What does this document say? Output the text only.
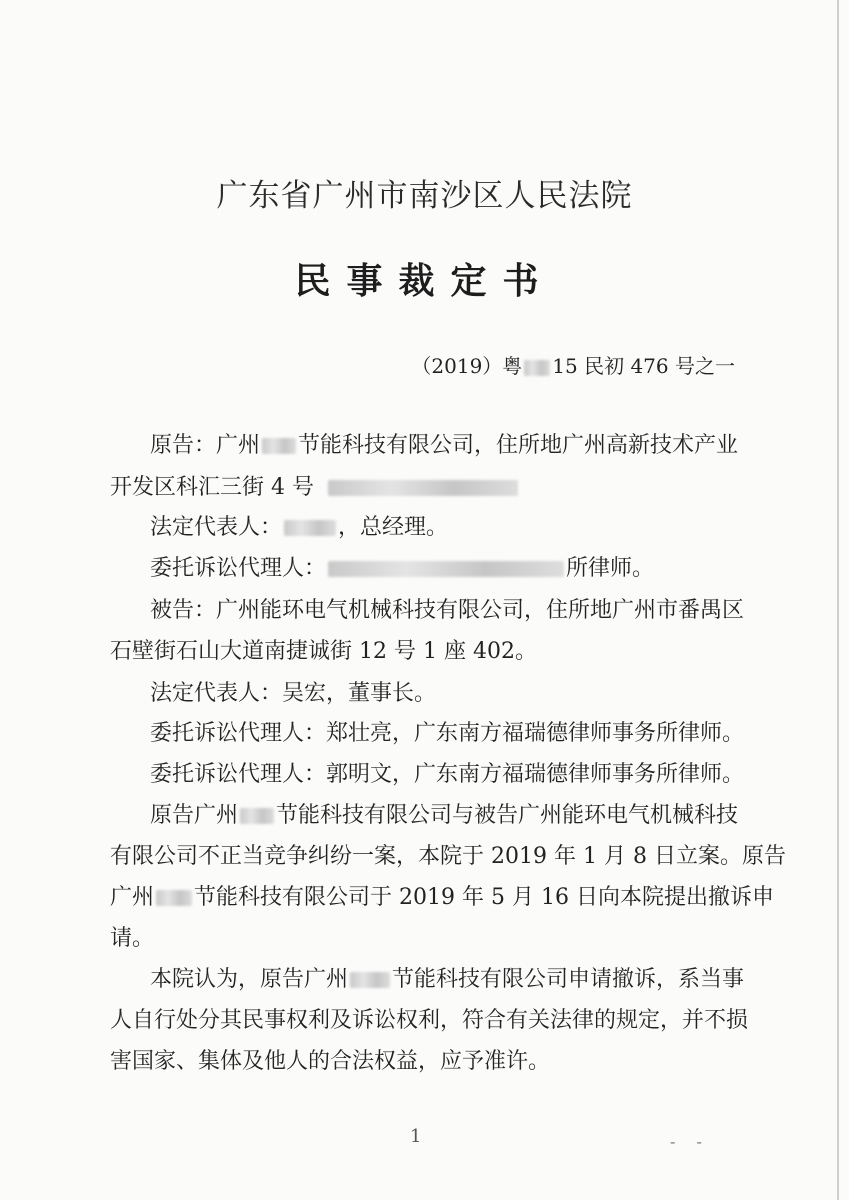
广东省广州市南沙区人民法院
民事裁定书
（2019）粤 15 民初 476 号之一
原告：广州 节能科技有限公司，住所地广州高新技术产业
开发区科汇三街 4 号
法定代表人：	，总经理。
委托诉讼代理人：	所律师。
被告：广州能环电气机械科技有限公司，住所地广州市番禺区
石壁街石山大道南捷诚街 12 号 1 座 402。
法定代表人：吴宏，董事长。
委托诉讼代理人：郑壮亮，广东南方福瑞德律师事务所律师。
委托诉讼代理人：郭明文，广东南方福瑞德律师事务所律师。
原告广州 节能科技有限公司与被告广州能环电气机械科技
有限公司不正当竞争纠纷一案，本院于 2019 年 1 月 8 日立案。原告
广州 节能科技有限公司于 2019 年 5 月 16 日向本院提出撤诉申
请。
本院认为，原告广州 节能科技有限公司申请撤诉，系当事
人自行处分其民事权利及诉讼权利，符合有关法律的规定，并不损
害国家、集体及他人的合法权益，应予准许。
1	- -
